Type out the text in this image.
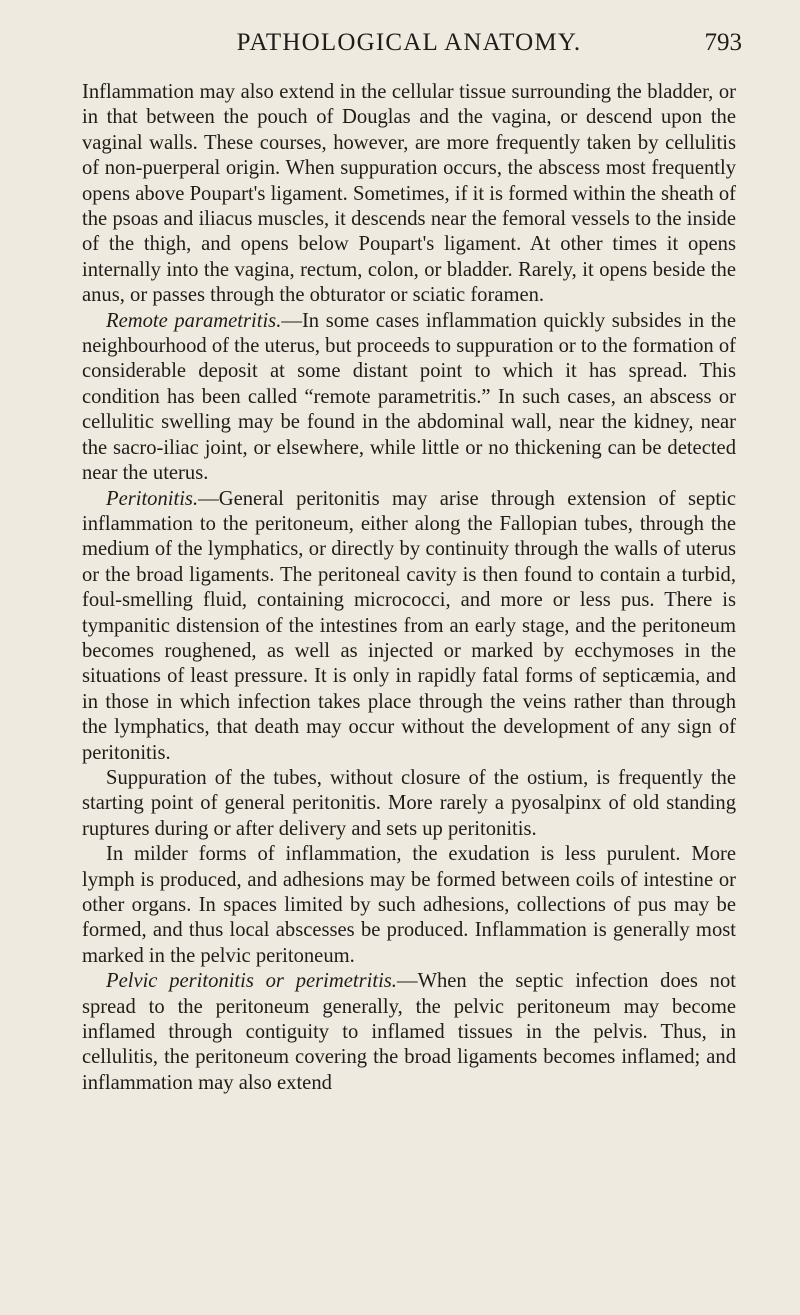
PATHOLOGICAL ANATOMY.	793

Inflammation may also extend in the cellular tissue surrounding the bladder, or in that between the pouch of Douglas and the vagina, or descend upon the vaginal walls. These courses, however, are more frequently taken by cellulitis of non-puerperal origin. When suppuration occurs, the abscess most frequently opens above Poupart's ligament. Sometimes, if it is formed within the sheath of the psoas and iliacus muscles, it descends near the femoral vessels to the inside of the thigh, and opens below Poupart's ligament. At other times it opens internally into the vagina, rectum, colon, or bladder. Rarely, it opens beside the anus, or passes through the obturator or sciatic foramen.

Remote parametritis.—In some cases inflammation quickly subsides in the neighbourhood of the uterus, but proceeds to suppuration or to the formation of considerable deposit at some distant point to which it has spread. This condition has been called “remote parametritis.” In such cases, an abscess or cellulitic swelling may be found in the abdominal wall, near the kidney, near the sacro-iliac joint, or elsewhere, while little or no thickening can be detected near the uterus.

Peritonitis.—General peritonitis may arise through extension of septic inflammation to the peritoneum, either along the Fallopian tubes, through the medium of the lymphatics, or directly by continuity through the walls of uterus or the broad ligaments. The peritoneal cavity is then found to contain a turbid, foul-smelling fluid, containing micrococci, and more or less pus. There is tympanitic distension of the intestines from an early stage, and the peritoneum becomes roughened, as well as injected or marked by ecchymoses in the situations of least pressure. It is only in rapidly fatal forms of septicæmia, and in those in which infection takes place through the veins rather than through the lymphatics, that death may occur without the development of any sign of peritonitis.

Suppuration of the tubes, without closure of the ostium, is frequently the starting point of general peritonitis. More rarely a pyosalpinx of old standing ruptures during or after delivery and sets up peritonitis.

In milder forms of inflammation, the exudation is less purulent. More lymph is produced, and adhesions may be formed between coils of intestine or other organs. In spaces limited by such adhesions, collections of pus may be formed, and thus local abscesses be produced. Inflammation is generally most marked in the pelvic peritoneum.

Pelvic peritonitis or perimetritis.—When the septic infection does not spread to the peritoneum generally, the pelvic peritoneum may become inflamed through contiguity to inflamed tissues in the pelvis. Thus, in cellulitis, the peritoneum covering the broad ligaments becomes inflamed; and inflammation may also extend
